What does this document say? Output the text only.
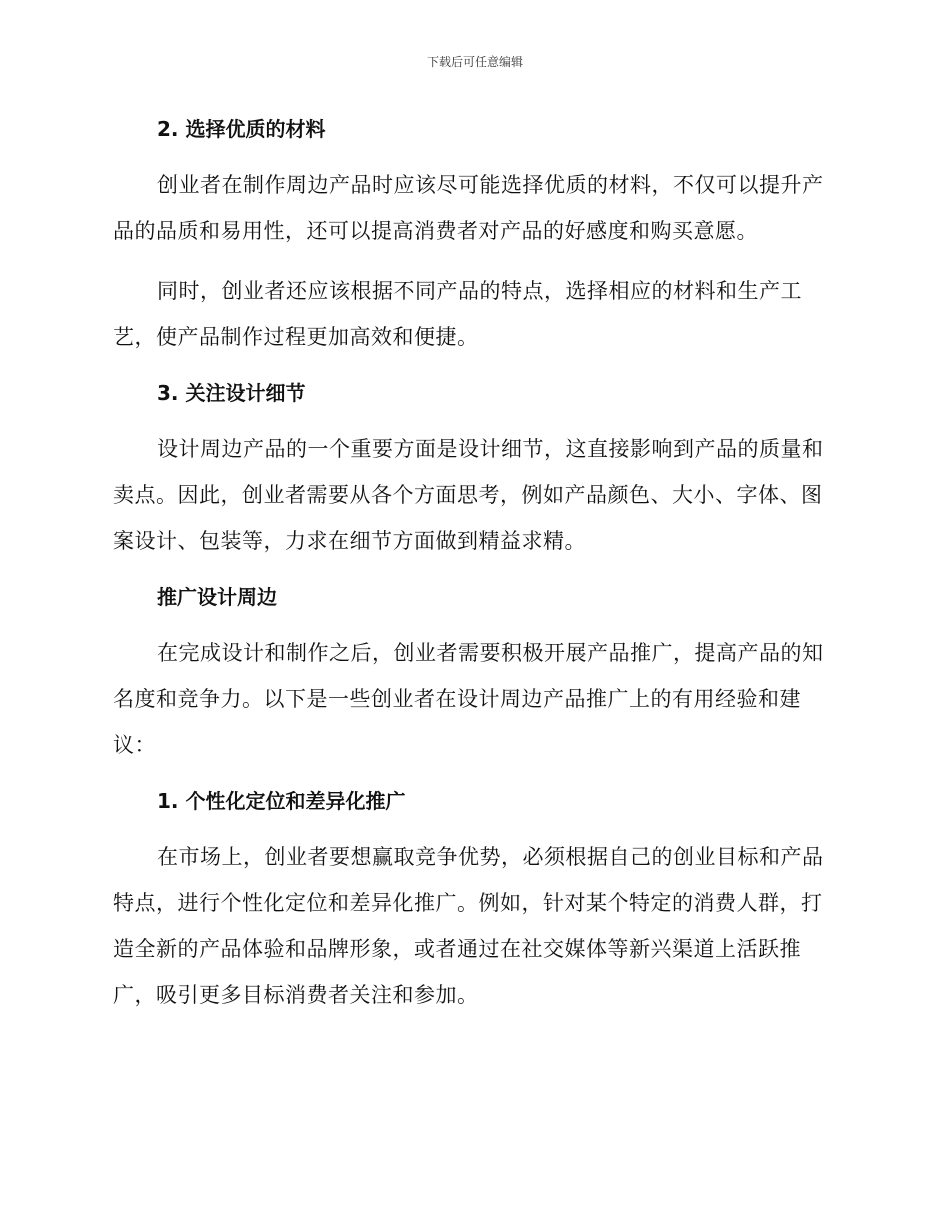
下载后可任意编辑
2. 选择优质的材料

创业者在制作周边产品时应该尽可能选择优质的材料，不仅可以提升产品的品质和易用性，还可以提高消费者对产品的好感度和购买意愿。

同时，创业者还应该根据不同产品的特点，选择相应的材料和生产工艺，使产品制作过程更加高效和便捷。

3. 关注设计细节

设计周边产品的一个重要方面是设计细节，这直接影响到产品的质量和卖点。因此，创业者需要从各个方面思考，例如产品颜色、大小、字体、图案设计、包装等，力求在细节方面做到精益求精。

推广设计周边

在完成设计和制作之后，创业者需要积极开展产品推广，提高产品的知名度和竞争力。以下是一些创业者在设计周边产品推广上的有用经验和建议：

1. 个性化定位和差异化推广

在市场上，创业者要想赢取竞争优势，必须根据自己的创业目标和产品特点，进行个性化定位和差异化推广。例如，针对某个特定的消费人群，打造全新的产品体验和品牌形象，或者通过在社交媒体等新兴渠道上活跃推广，吸引更多目标消费者关注和参加。
